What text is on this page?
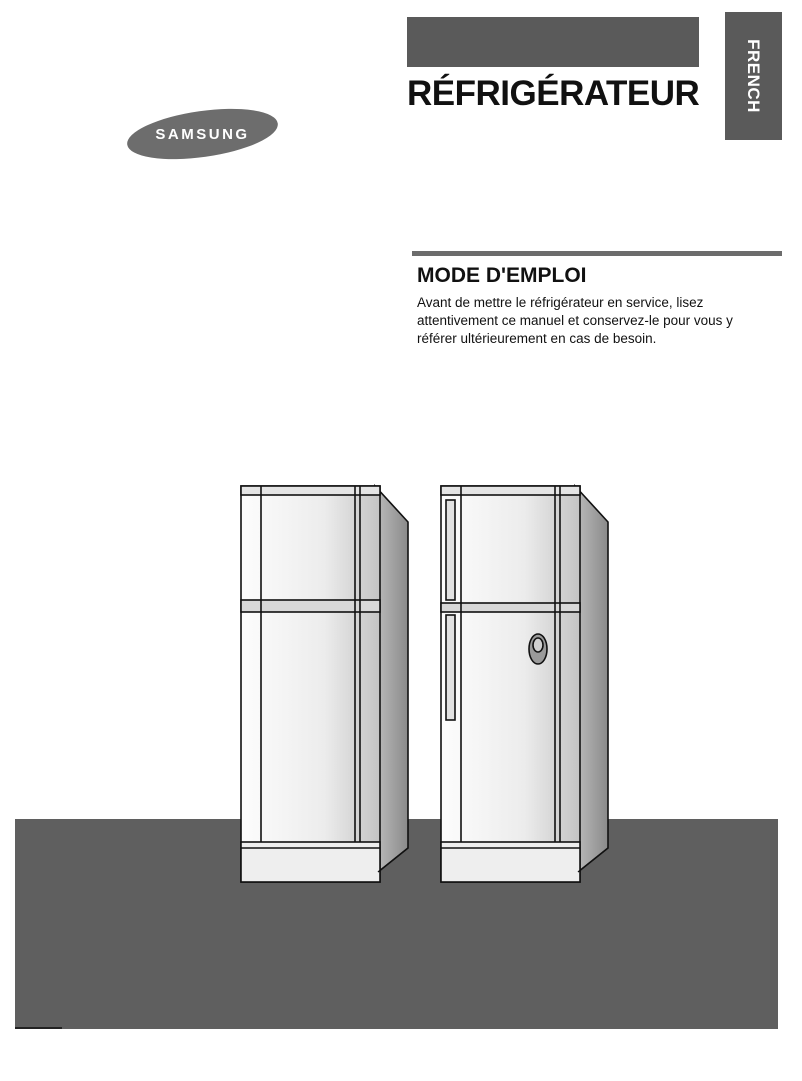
RÉFRIGÉRATEUR	FRENCH
SAMSUNG
MODE D'EMPLOI
Avant de mettre le réfrigérateur en service, lisez
attentivement ce manuel et conservez-le pour vous y
référer ultérieurement en cas de besoin.
